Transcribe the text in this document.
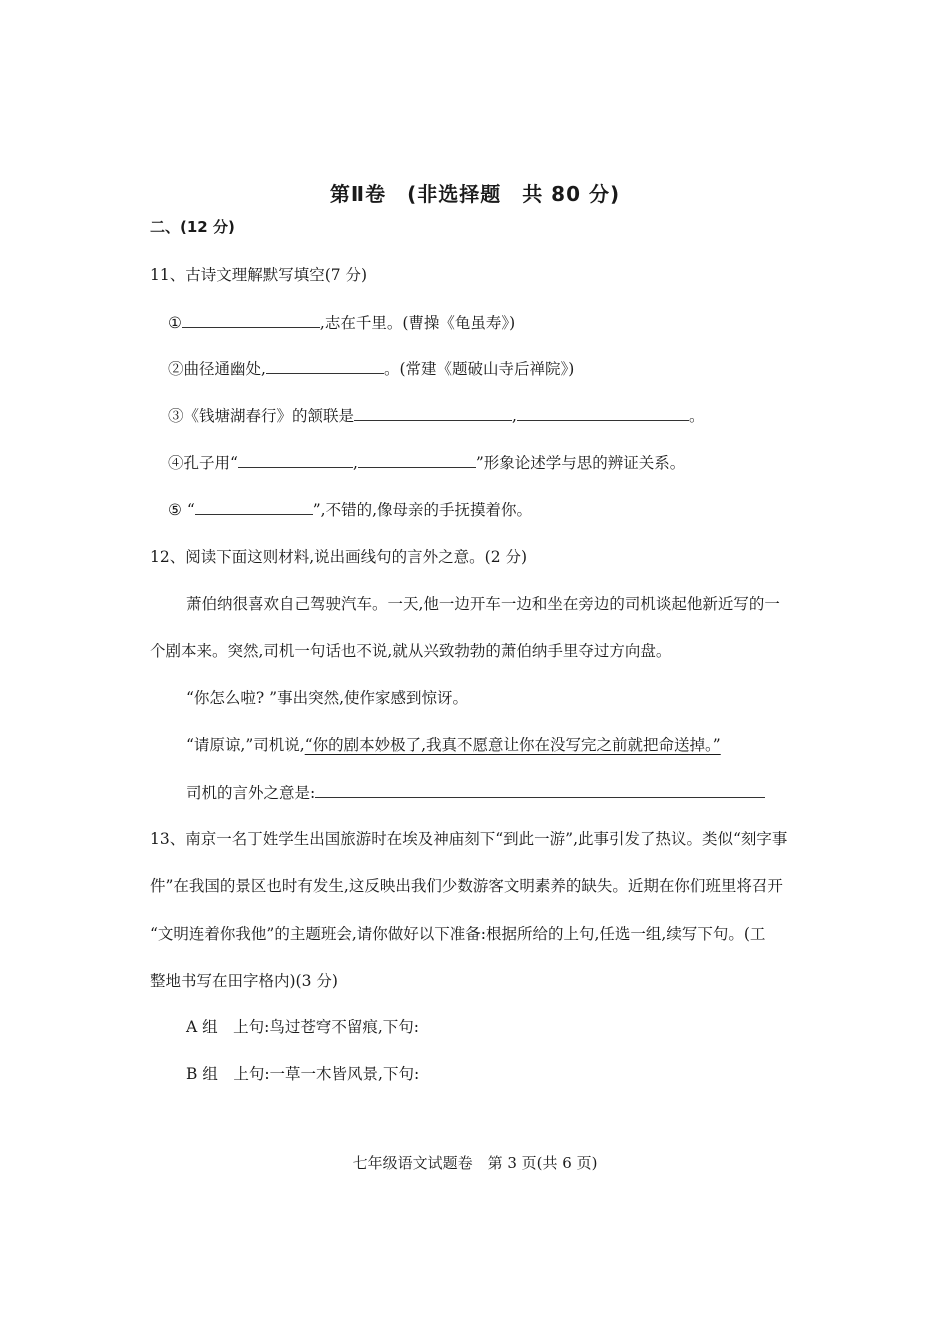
第Ⅱ卷　(非选择题　共 80 分)
二、(12 分)
11、古诗文理解默写填空(7 分)
①	,志在千里。(曹操《龟虽寿》)
②曲径通幽处,	。(常建《题破山寺后禅院》)
③《钱塘湖春行》的颔联是	,	。
④孔子用“	,	”形象论述学与思的辨证关系。
⑤ “	”,不错的,像母亲的手抚摸着你。
12、阅读下面这则材料,说出画线句的言外之意。(2 分)
萧伯纳很喜欢自己驾驶汽车。一天,他一边开车一边和坐在旁边的司机谈起他新近写的一
个剧本来。突然,司机一句话也不说,就从兴致勃勃的萧伯纳手里夺过方向盘。
“你怎么啦? ”事出突然,使作家感到惊讶。
“请原谅,”司机说,“你的剧本妙极了,我真不愿意让你在没写完之前就把命送掉。”
司机的言外之意是:
13、南京一名丁姓学生出国旅游时在埃及神庙刻下“到此一游”,此事引发了热议。类似“刻字事
件”在我国的景区也时有发生,这反映出我们少数游客文明素养的缺失。近期在你们班里将召开
“文明连着你我他”的主题班会,请你做好以下准备:根据所给的上句,任选一组,续写下句。(工
整地书写在田字格内)(3 分)
A 组　上句:鸟过苍穹不留痕,下句:
B 组　上句:一草一木皆风景,下句:
七年级语文试题卷　第 3 页(共 6 页)
